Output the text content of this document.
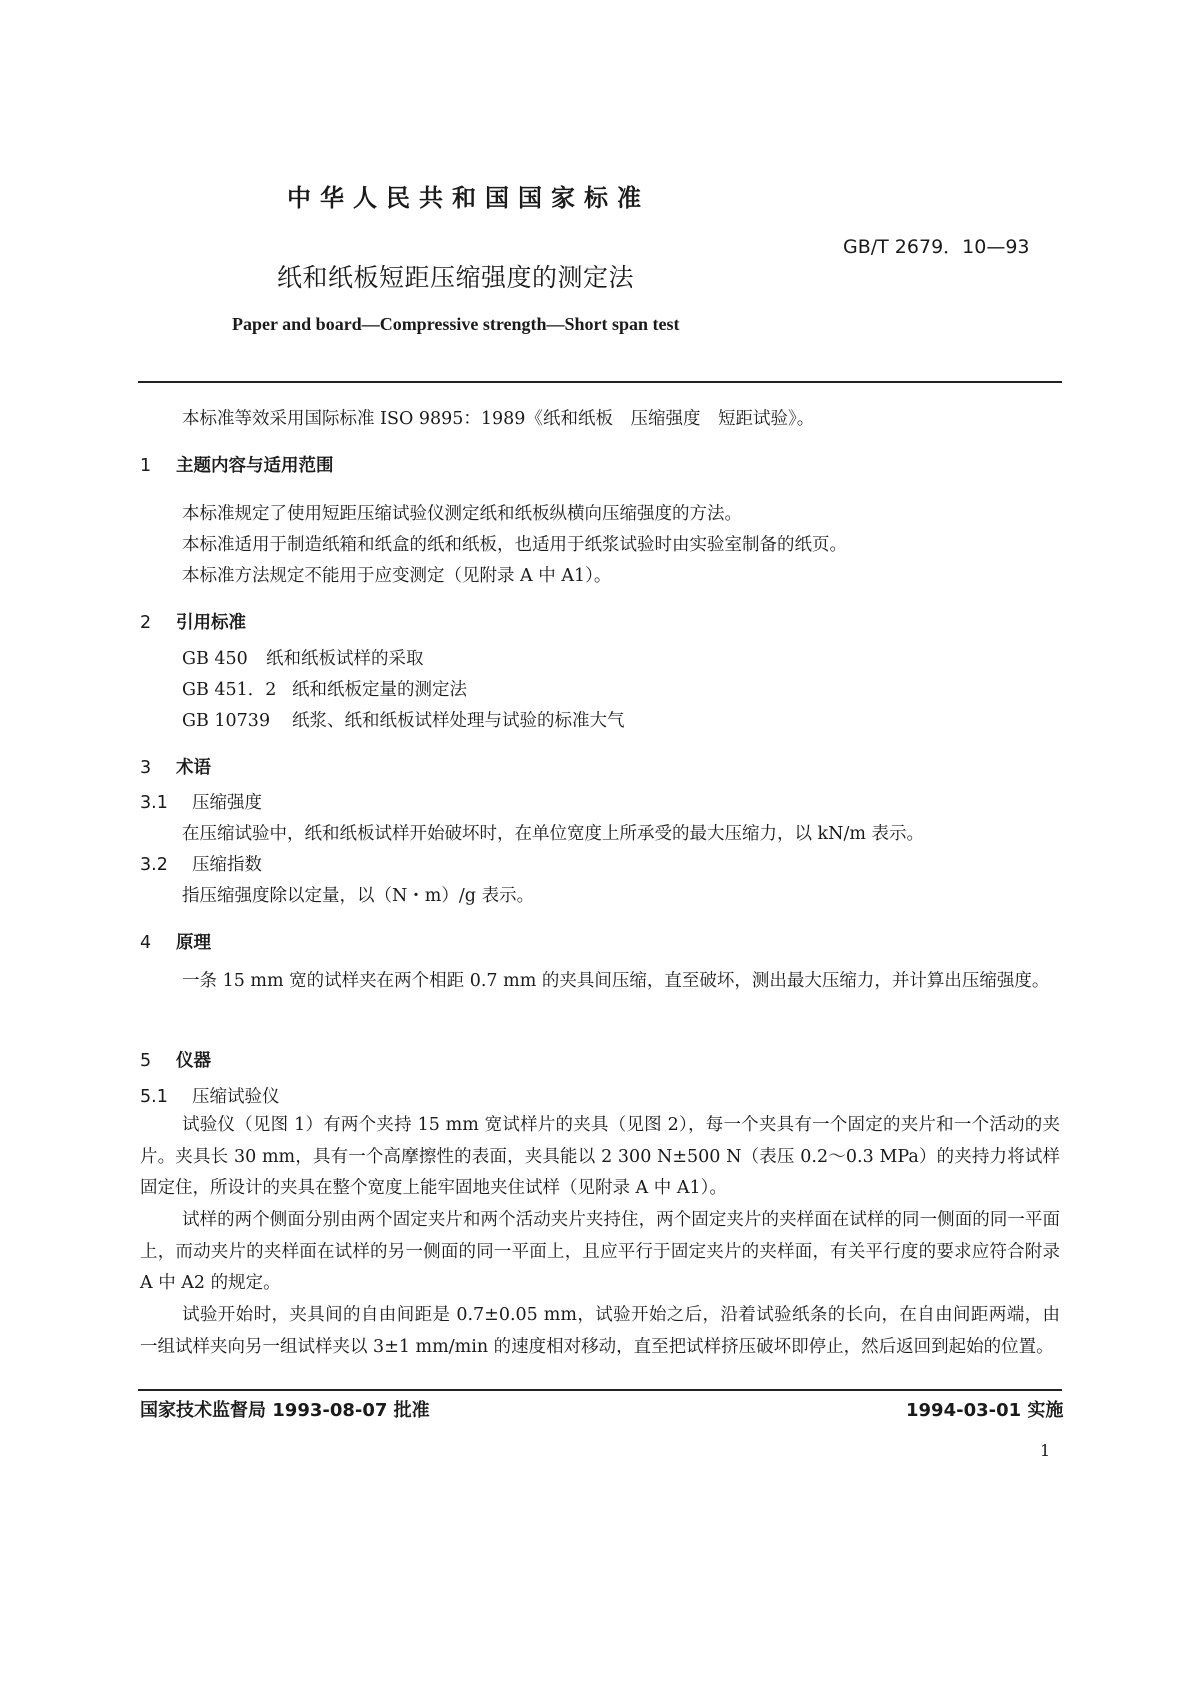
中华人民共和国国家标准
GB/T 2679．10—93
纸和纸板短距压缩强度的测定法
Paper and board—Compressive strength—Short span test
本标准等效采用国际标准 ISO 9895：1989《纸和纸板　压缩强度　短距试验》。
1 主题内容与适用范围
本标准规定了使用短距压缩试验仪测定纸和纸板纵横向压缩强度的方法。
本标准适用于制造纸箱和纸盒的纸和纸板，也适用于纸浆试验时由实验室制备的纸页。
本标准方法规定不能用于应变测定（见附录 A 中 A1）。
2 引用标准
GB 450 纸和纸板试样的采取
GB 451．2 纸和纸板定量的测定法
GB 10739 纸浆、纸和纸板试样处理与试验的标准大气
3 术语
3.1 压缩强度
在压缩试验中，纸和纸板试样开始破坏时，在单位宽度上所承受的最大压缩力，以 kN/m 表示。
3.2 压缩指数
指压缩强度除以定量，以（N・m）/g 表示。
4 原理
一条 15 mm 宽的试样夹在两个相距 0.7 mm 的夹具间压缩，直至破坏，测出最大压缩力，并计算出压缩强度。
5 仪器
5.1 压缩试验仪
试验仪（见图 1）有两个夹持 15 mm 宽试样片的夹具（见图 2），每一个夹具有一个固定的夹片和一个活动的夹片。夹具长 30 mm，具有一个高摩擦性的表面，夹具能以 2 300 N±500 N（表压 0.2～0.3 MPa）的夹持力将试样固定住，所设计的夹具在整个宽度上能牢固地夹住试样（见附录 A 中 A1）。
试样的两个侧面分别由两个固定夹片和两个活动夹片夹持住，两个固定夹片的夹样面在试样的同一侧面的同一平面上，而动夹片的夹样面在试样的另一侧面的同一平面上，且应平行于固定夹片的夹样面，有关平行度的要求应符合附录 A 中 A2 的规定。
试验开始时，夹具间的自由间距是 0.7±0.05 mm，试验开始之后，沿着试验纸条的长向，在自由间距两端，由一组试样夹向另一组试样夹以 3±1 mm/min 的速度相对移动，直至把试样挤压破坏即停止，然后返回到起始的位置。
国家技术监督局 1993-08-07 批准	1994-03-01 实施
1
